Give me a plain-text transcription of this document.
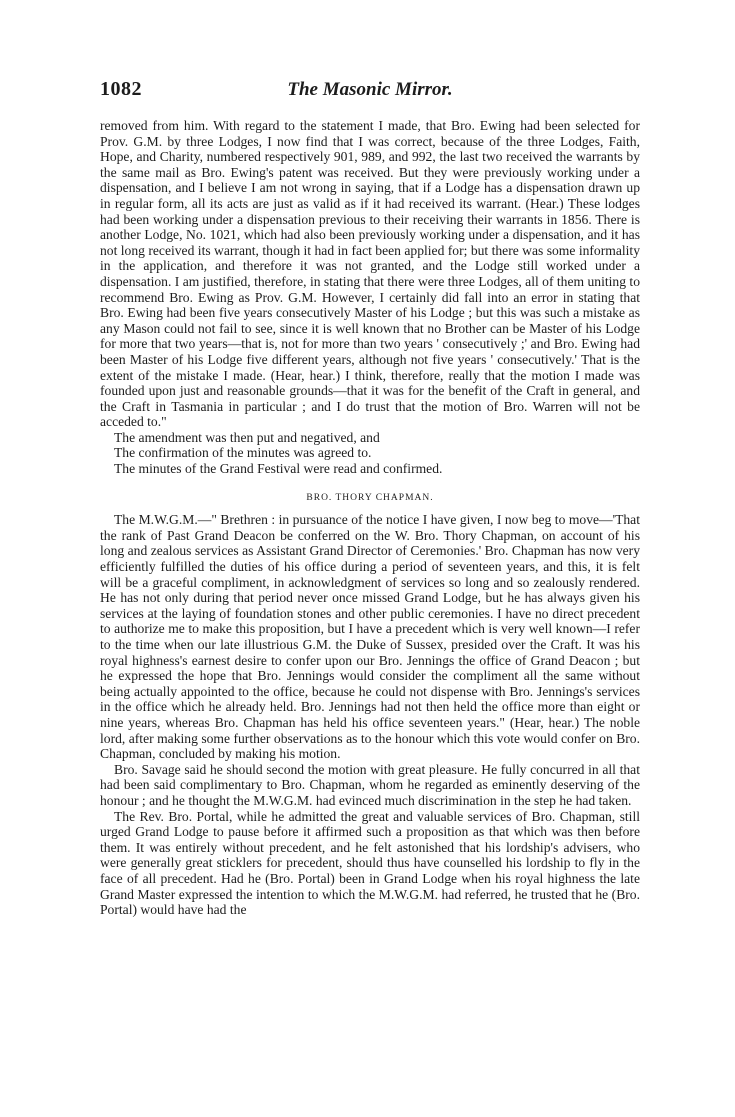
1082	The Masonic Mirror.

removed from him. With regard to the statement I made, that Bro. Ewing had been selected for Prov. G.M. by three Lodges, I now find that I was correct, because of the three Lodges, Faith, Hope, and Charity, numbered respectively 901, 989, and 992, the last two received the warrants by the same mail as Bro. Ewing's patent was received. But they were previously working under a dispensation, and I believe I am not wrong in saying, that if a Lodge has a dispensation drawn up in regular form, all its acts are just as valid as if it had received its warrant. (Hear.) These lodges had been working under a dispensation previous to their receiving their warrants in 1856. There is another Lodge, No. 1021, which had also been previously working under a dispensation, and it has not long received its warrant, though it had in fact been applied for; but there was some informality in the application, and therefore it was not granted, and the Lodge still worked under a dispensation. I am justified, therefore, in stating that there were three Lodges, all of them uniting to recommend Bro. Ewing as Prov. G.M. However, I certainly did fall into an error in stating that Bro. Ewing had been five years consecutively Master of his Lodge ; but this was such a mistake as any Mason could not fail to see, since it is well known that no Brother can be Master of his Lodge for more that two years—that is, not for more than two years ' consecutively ;' and Bro. Ewing had been Master of his Lodge five different years, although not five years ' consecutively.' That is the extent of the mistake I made. (Hear, hear.) I think, therefore, really that the motion I made was founded upon just and reasonable grounds—that it was for the benefit of the Craft in general, and the Craft in Tasmania in particular ; and I do trust that the motion of Bro. Warren will not be acceded to."

The amendment was then put and negatived, and

The confirmation of the minutes was agreed to.

The minutes of the Grand Festival were read and confirmed.

BRO. THORY CHAPMAN.

The M.W.G.M.—" Brethren : in pursuance of the notice I have given, I now beg to move—'That the rank of Past Grand Deacon be conferred on the W. Bro. Thory Chapman, on account of his long and zealous services as Assistant Grand Director of Ceremonies.' Bro. Chapman has now very efficiently fulfilled the duties of his office during a period of seventeen years, and this, it is felt will be a graceful compliment, in acknowledgment of services so long and so zealously rendered. He has not only during that period never once missed Grand Lodge, but he has always given his services at the laying of foundation stones and other public ceremonies. I have no direct precedent to authorize me to make this proposition, but I have a precedent which is very well known—I refer to the time when our late illustrious G.M. the Duke of Sussex, presided over the Craft. It was his royal highness's earnest desire to confer upon our Bro. Jennings the office of Grand Deacon ; but he expressed the hope that Bro. Jennings would consider the compliment all the same without being actually appointed to the office, because he could not dispense with Bro. Jennings's services in the office which he already held. Bro. Jennings had not then held the office more than eight or nine years, whereas Bro. Chapman has held his office seventeen years." (Hear, hear.) The noble lord, after making some further observations as to the honour which this vote would confer on Bro. Chapman, concluded by making his motion.

Bro. Savage said he should second the motion with great pleasure. He fully concurred in all that had been said complimentary to Bro. Chapman, whom he regarded as eminently deserving of the honour ; and he thought the M.W.G.M. had evinced much discrimination in the step he had taken.

The Rev. Bro. Portal, while he admitted the great and valuable services of Bro. Chapman, still urged Grand Lodge to pause before it affirmed such a proposition as that which was then before them. It was entirely without precedent, and he felt astonished that his lordship's advisers, who were generally great sticklers for precedent, should thus have counselled his lordship to fly in the face of all precedent. Had he (Bro. Portal) been in Grand Lodge when his royal highness the late Grand Master expressed the intention to which the M.W.G.M. had referred, he trusted that he (Bro. Portal) would have had the
